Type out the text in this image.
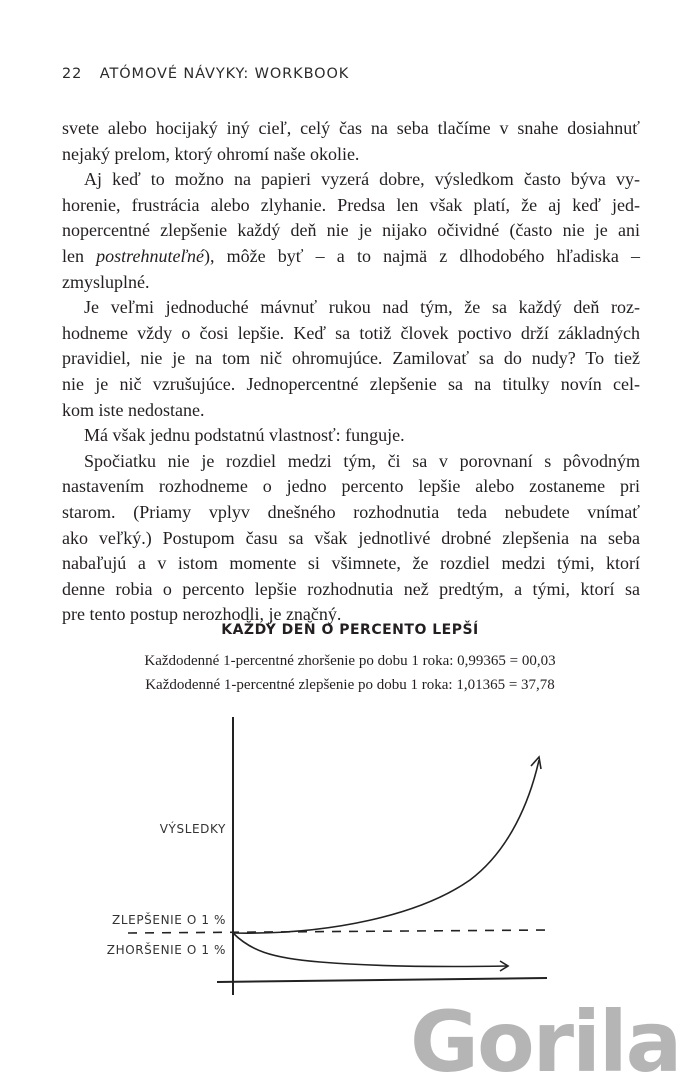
22 ATÓMOVÉ NÁVYKY: WORKBOOK
svete alebo hocijaký iný cieľ, celý čas na seba tlačíme v snahe dosiahnuť
nejaký prelom, ktorý ohromí naše okolie.
Aj keď to možno na papieri vyzerá dobre, výsledkom často býva vy-
horenie, frustrácia alebo zlyhanie. Predsa len však platí, že aj keď jed-
nopercentné zlepšenie každý deň nie je nijako očividné (často nie je ani
len postrehnuteľné), môže byť – a to najmä z dlhodobého hľadiska –
zmysluplné.
Je veľmi jednoduché mávnuť rukou nad tým, že sa každý deň roz-
hodneme vždy o čosi lepšie. Keď sa totiž človek poctivo drží základných
pravidiel, nie je na tom nič ohromujúce. Zamilovať sa do nudy? To tiež
nie je nič vzrušujúce. Jednopercentné zlepšenie sa na titulky novín cel-
kom iste nedostane.
Má však jednu podstatnú vlastnosť: funguje.
Spočiatku nie je rozdiel medzi tým, či sa v porovnaní s pôvodným
nastavením rozhodneme o jedno percento lepšie alebo zostaneme pri
starom. (Priamy vplyv dnešného rozhodnutia teda nebudete vnímať
ako veľký.) Postupom času sa však jednotlivé drobné zlepšenia na seba
nabaľujú a v istom momente si všimnete, že rozdiel medzi tými, ktorí
denne robia o percento lepšie rozhodnutia než predtým, a tými, ktorí sa
pre tento postup nerozhodli, je značný.
Gorila
KAŽDÝ DEŇ O PERCENTO LEPŠÍ
Každodenné 1-percentné zhoršenie po dobu 1 roka: 0,99365 = 00,03
Každodenné 1-percentné zlepšenie po dobu 1 roka: 1,01365 = 37,78
VÝSLEDKY
ZLEPŠENIE O 1 %
ZHORŠENIE O 1 %
